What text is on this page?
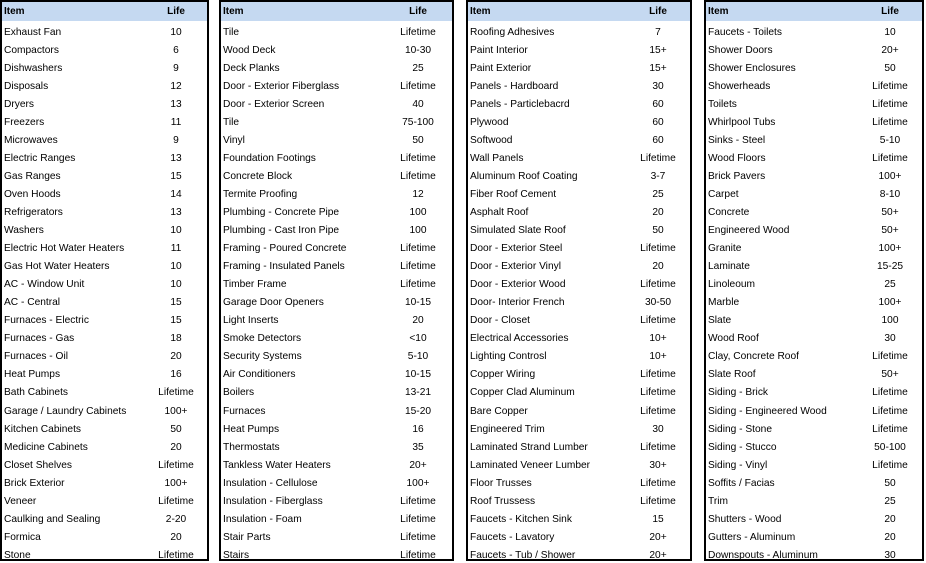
Item	Life
Exhaust Fan	10
Compactors	6
Dishwashers	9
Disposals	12
Dryers	13
Freezers	11
Microwaves	9
Electric Ranges	13
Gas Ranges	15
Oven Hoods	14
Refrigerators	13
Washers	10
Electric Hot Water Heaters	11
Gas Hot Water Heaters	10
AC - Window Unit	10
AC - Central	15
Furnaces - Electric	15
Furnaces - Gas	18
Furnaces - Oil	20
Heat Pumps	16
Bath Cabinets	Lifetime
Garage / Laundry Cabinets	100+
Kitchen Cabinets	50
Medicine Cabinets	20
Closet Shelves	Lifetime
Brick Exterior	100+
Veneer	Lifetime
Caulking and Sealing	2-20
Formica	20
Stone	Lifetime
Item	Life
Tile	Lifetime
Wood Deck	10-30
Deck Planks	25
Door - Exterior Fiberglass	Lifetime
Door - Exterior Screen	40
Tile	75-100
Vinyl	50
Foundation Footings	Lifetime
Concrete Block	Lifetime
Termite Proofing	12
Plumbing - Concrete Pipe	100
Plumbing - Cast Iron Pipe	100
Framing - Poured Concrete	Lifetime
Framing - Insulated Panels	Lifetime
Timber Frame	Lifetime
Garage Door Openers	10-15
Light Inserts	20
Smoke Detectors	<10
Security Systems	5-10
Air Conditioners	10-15
Boilers	13-21
Furnaces	15-20
Heat Pumps	16
Thermostats	35
Tankless Water Heaters	20+
Insulation - Cellulose	100+
Insulation - Fiberglass	Lifetime
Insulation - Foam	Lifetime
Stair Parts	Lifetime
Stairs	Lifetime
Item	Life
Roofing Adhesives	7
Paint Interior	15+
Paint Exterior	15+
Panels - Hardboard	30
Panels - Particlebacrd	60
Plywood	60
Softwood	60
Wall Panels	Lifetime
Aluminum Roof Coating	3-7
Fiber Roof Cement	25
Asphalt Roof	20
Simulated Slate Roof	50
Door - Exterior Steel	Lifetime
Door - Exterior Vinyl	20
Door - Exterior Wood	Lifetime
Door- Interior French	30-50
Door - Closet	Lifetime
Electrical Accessories	10+
Lighting Controsl	10+
Copper Wiring	Lifetime
Copper Clad Aluminum	Lifetime
Bare Copper	Lifetime
Engineered Trim	30
Laminated Strand Lumber	Lifetime
Laminated Veneer Lumber	30+
Floor Trusses	Lifetime
Roof Trussess	Lifetime
Faucets - Kitchen Sink	15
Faucets - Lavatory	20+
Faucets - Tub / Shower	20+
Item	Life
Faucets - Toilets	10
Shower Doors	20+
Shower Enclosures	50
Showerheads	Lifetime
Toilets	Lifetime
Whirlpool Tubs	Lifetime
Sinks - Steel	5-10
Wood Floors	Lifetime
Brick Pavers	100+
Carpet	8-10
Concrete	50+
Engineered Wood	50+
Granite	100+
Laminate	15-25
Linoleoum	25
Marble	100+
Slate	100
Wood Roof	30
Clay, Concrete Roof	Lifetime
Slate Roof	50+
Siding - Brick	Lifetime
Siding - Engineered Wood	Lifetime
Siding - Stone	Lifetime
Siding - Stucco	50-100
Siding - Vinyl	Lifetime
Soffits / Facias	50
Trim	25
Shutters - Wood	20
Gutters - Aluminum	20
Downspouts - Aluminum	30
